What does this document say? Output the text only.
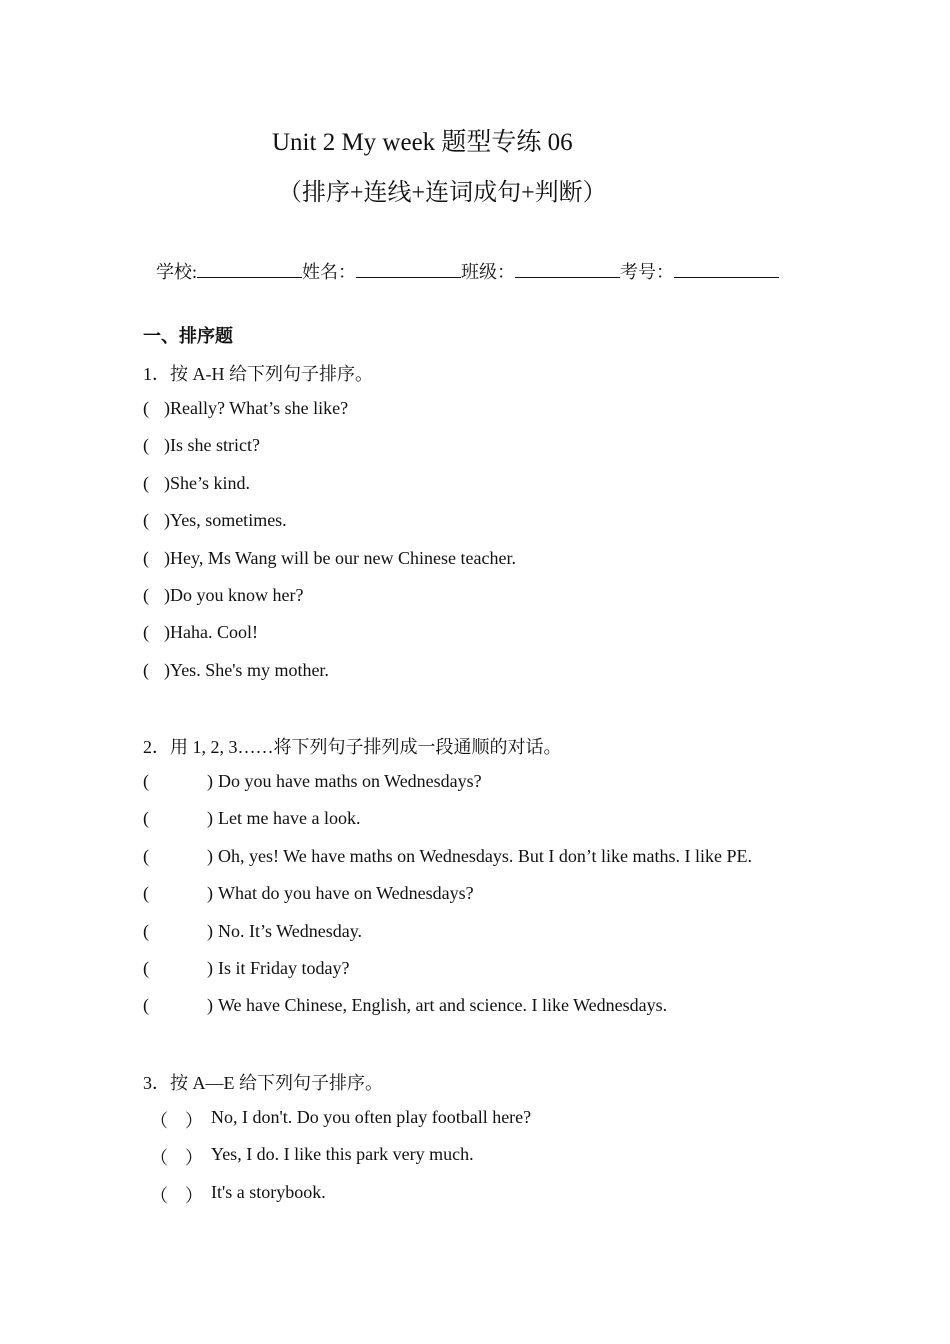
Unit 2 My week 题型专练 06
（排序+连线+连词成句+判断）
学校:	姓名：	班级：	考号：
一、排序题
1．按 A-H 给下列句子排序。
( ) Really? What’s she like?
( ) Is she strict?
( ) She’s kind.
( ) Yes, sometimes.
( ) Hey, Ms Wang will be our new Chinese teacher.
( ) Do you know her?
( ) Haha. Cool!
( ) Yes. She's my mother.
2．用 1, 2, 3……将下列句子排列成一段通顺的对话。
(	) Do you have maths on Wednesdays?
(	) Let me have a look.
(	) Oh, yes! We have maths on Wednesdays. But I don’t like maths. I like PE.
(	) What do you have on Wednesdays?
(	) No. It’s Wednesday.
(	) Is it Friday today?
(	) We have Chinese, English, art and science. I like Wednesdays.
3．按 A—E 给下列句子排序。
（ ） No, I don't. Do you often play football here?
（ ） Yes, I do. I like this park very much.
（ ） It's a storybook.
